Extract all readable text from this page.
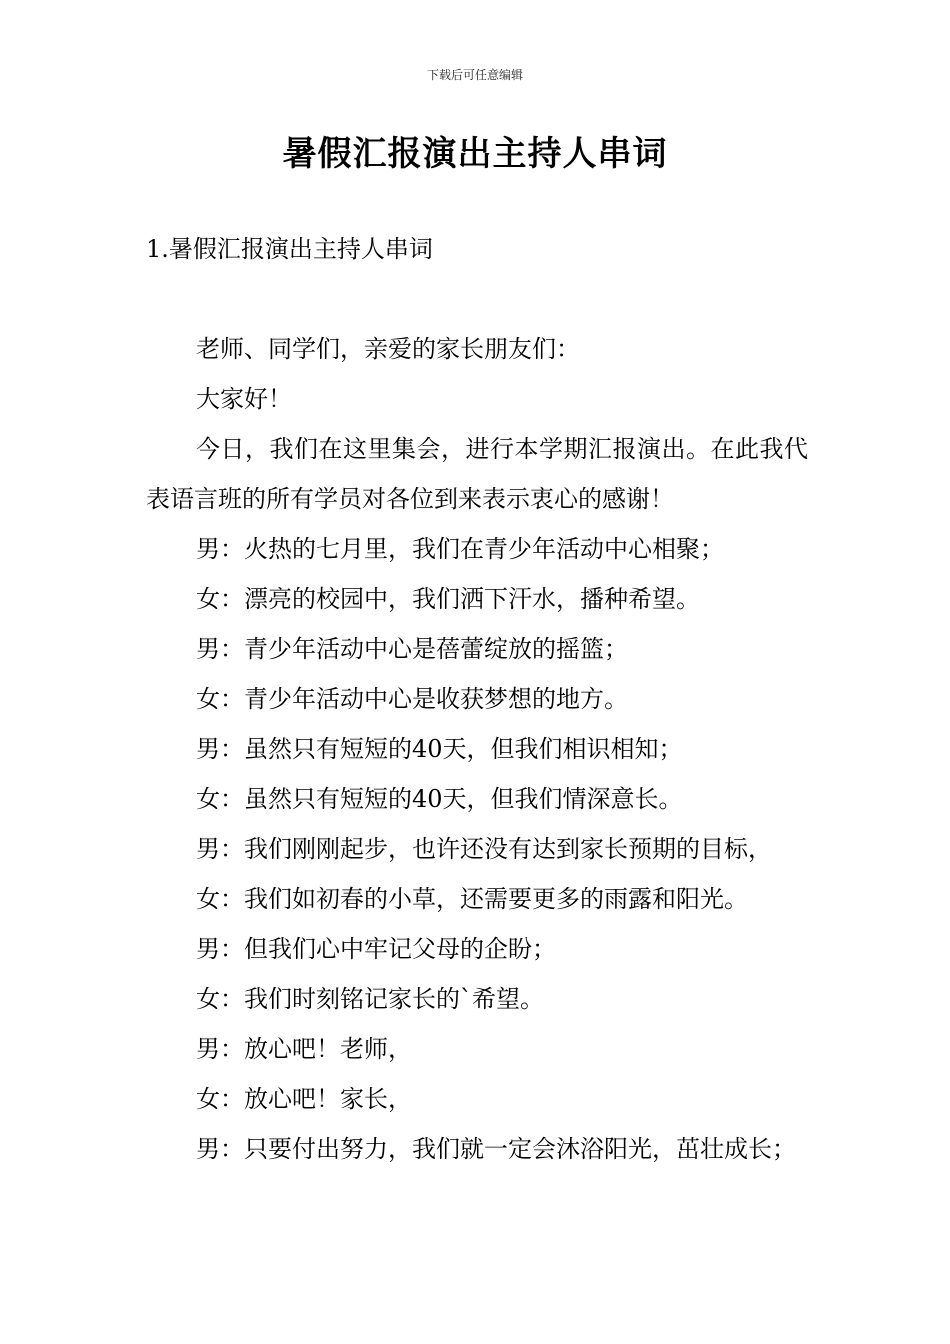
下载后可任意编辑
暑假汇报演出主持人串词

1.暑假汇报演出主持人串词

老师、同学们，亲爱的家长朋友们：

大家好！

今日，我们在这里集会，进行本学期汇报演出。在此我代表语言班的所有学员对各位到来表示衷心的感谢！

男：火热的七月里，我们在青少年活动中心相聚；

女：漂亮的校园中，我们洒下汗水，播种希望。

男：青少年活动中心是蓓蕾绽放的摇篮；

女：青少年活动中心是收获梦想的地方。

男：虽然只有短短的40天，但我们相识相知；

女：虽然只有短短的40天，但我们情深意长。

男：我们刚刚起步，也许还没有达到家长预期的目标，

女：我们如初春的小草，还需要更多的雨露和阳光。

男：但我们心中牢记父母的企盼；

女：我们时刻铭记家长的`希望。

男：放心吧！老师，

女：放心吧！家长，

男：只要付出努力，我们就一定会沐浴阳光，茁壮成长；
